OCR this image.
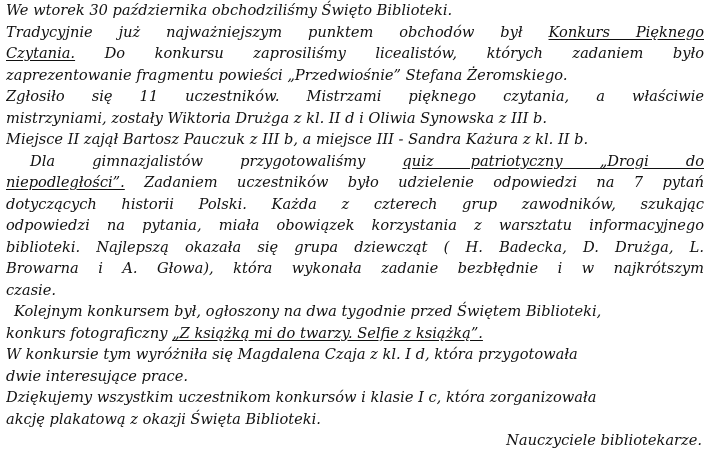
We wtorek 30 października obchodziliśmy Święto Biblioteki.
Tradycyjnie już najważniejszym punktem obchodów był Konkurs Pięknego
Czytania. Do konkursu zaprosiliśmy licealistów, których zadaniem było
zaprezentowanie fragmentu powieści „Przedwiośnie” Stefana Żeromskiego.
Zgłosiło się 11 uczestników. Mistrzami pięknego czytania, a właściwie
mistrzyniami, zostały Wiktoria Drużga z kl. II d i Oliwia Synowska z III b.
Miejsce II zajął Bartosz Pauczuk z III b, a miejsce III - Sandra Każura z kl. II b.
Dla gimnazjalistów przygotowaliśmy	quiz patriotyczny „Drogi do
niepodległości”. Zadaniem uczestników było udzielenie odpowiedzi na 7 pytań
dotyczących historii Polski. Każda z czterech grup zawodników, szukając
odpowiedzi na pytania, miała obowiązek korzystania z warsztatu informacyjnego
biblioteki. Najlepszą okazała się grupa dziewcząt ( H. Badecka, D. Drużga, L.
Browarna i A. Głowa), która wykonała zadanie bezbłędnie i w najkrótszym
czasie.
Kolejnym konkursem był, ogłoszony na dwa tygodnie przed Świętem Biblioteki,
konkurs fotograficzny „Z książką mi do twarzy. Selfie z książką”.
W konkursie tym wyróżniła się Magdalena Czaja z kl. I d, która przygotowała
dwie interesujące prace.
Dziękujemy wszystkim uczestnikom konkursów i klasie I c, która zorganizowała
akcję plakatową z okazji Święta Biblioteki.
Nauczyciele bibliotekarze.
